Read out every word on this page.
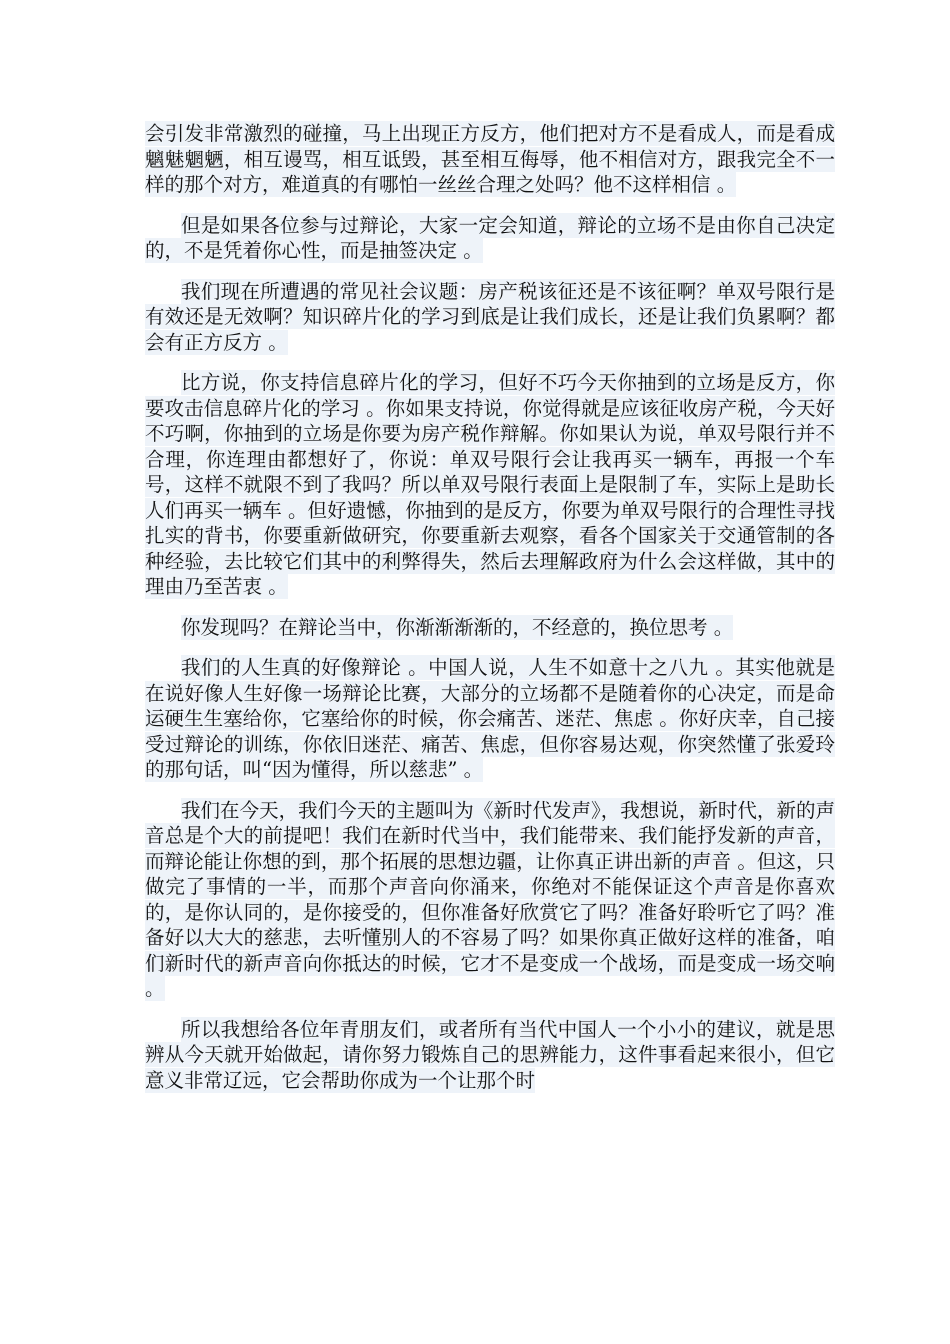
会引发非常激烈的碰撞，马上出现正方反方，他们把对方不是看成人，而是看成魑魅魍魉，相互谩骂，相互诋毁，甚至相互侮辱，他不相信对方，跟我完全不一样的那个对方，难道真的有哪怕一丝丝合理之处吗？他不这样相信 。

但是如果各位参与过辩论，大家一定会知道，辩论的立场不是由你自己决定的，不是凭着你心性，而是抽签决定 。

我们现在所遭遇的常见社会议题：房产税该征还是不该征啊？单双号限行是有效还是无效啊？知识碎片化的学习到底是让我们成长，还是让我们负累啊？都会有正方反方 。

比方说，你支持信息碎片化的学习，但好不巧今天你抽到的立场是反方，你要攻击信息碎片化的学习 。你如果支持说，你觉得就是应该征收房产税，今天好不巧啊，你抽到的立场是你要为房产税作辩解。你如果认为说，单双号限行并不合理，你连理由都想好了，你说：单双号限行会让我再买一辆车，再报一个车号，这样不就限不到了我吗？所以单双号限行表面上是限制了车，实际上是助长人们再买一辆车 。但好遗憾，你抽到的是反方，你要为单双号限行的合理性寻找扎实的背书，你要重新做研究，你要重新去观察，看各个国家关于交通管制的各种经验，去比较它们其中的利弊得失，然后去理解政府为什么会这样做，其中的理由乃至苦衷 。

你发现吗？在辩论当中，你渐渐渐渐的，不经意的，换位思考 。

我们的人生真的好像辩论 。中国人说，人生不如意十之八九 。其实他就是在说好像人生好像一场辩论比赛，大部分的立场都不是随着你的心决定，而是命运硬生生塞给你，它塞给你的时候，你会痛苦、迷茫、焦虑 。你好庆幸，自己接受过辩论的训练，你依旧迷茫、痛苦、焦虑，但你容易达观，你突然懂了张爱玲的那句话，叫“因为懂得，所以慈悲” 。

我们在今天，我们今天的主题叫为《新时代发声》，我想说，新时代，新的声音总是个大的前提吧！我们在新时代当中，我们能带来、我们能抒发新的声音，而辩论能让你想的到，那个拓展的思想边疆，让你真正讲出新的声音 。但这，只做完了事情的一半，而那个声音向你涌来，你绝对不能保证这个声音是你喜欢的，是你认同的，是你接受的，但你准备好欣赏它了吗？准备好聆听它了吗？准备好以大大的慈悲，去听懂别人的不容易了吗？如果你真正做好这样的准备，咱们新时代的新声音向你抵达的时候，它才不是变成一个战场，而是变成一场交响 。

所以我想给各位年青朋友们，或者所有当代中国人一个小小的建议，就是思辨从今天就开始做起，请你努力锻炼自己的思辨能力，这件事看起来很小，但它意义非常辽远，它会帮助你成为一个让那个时
